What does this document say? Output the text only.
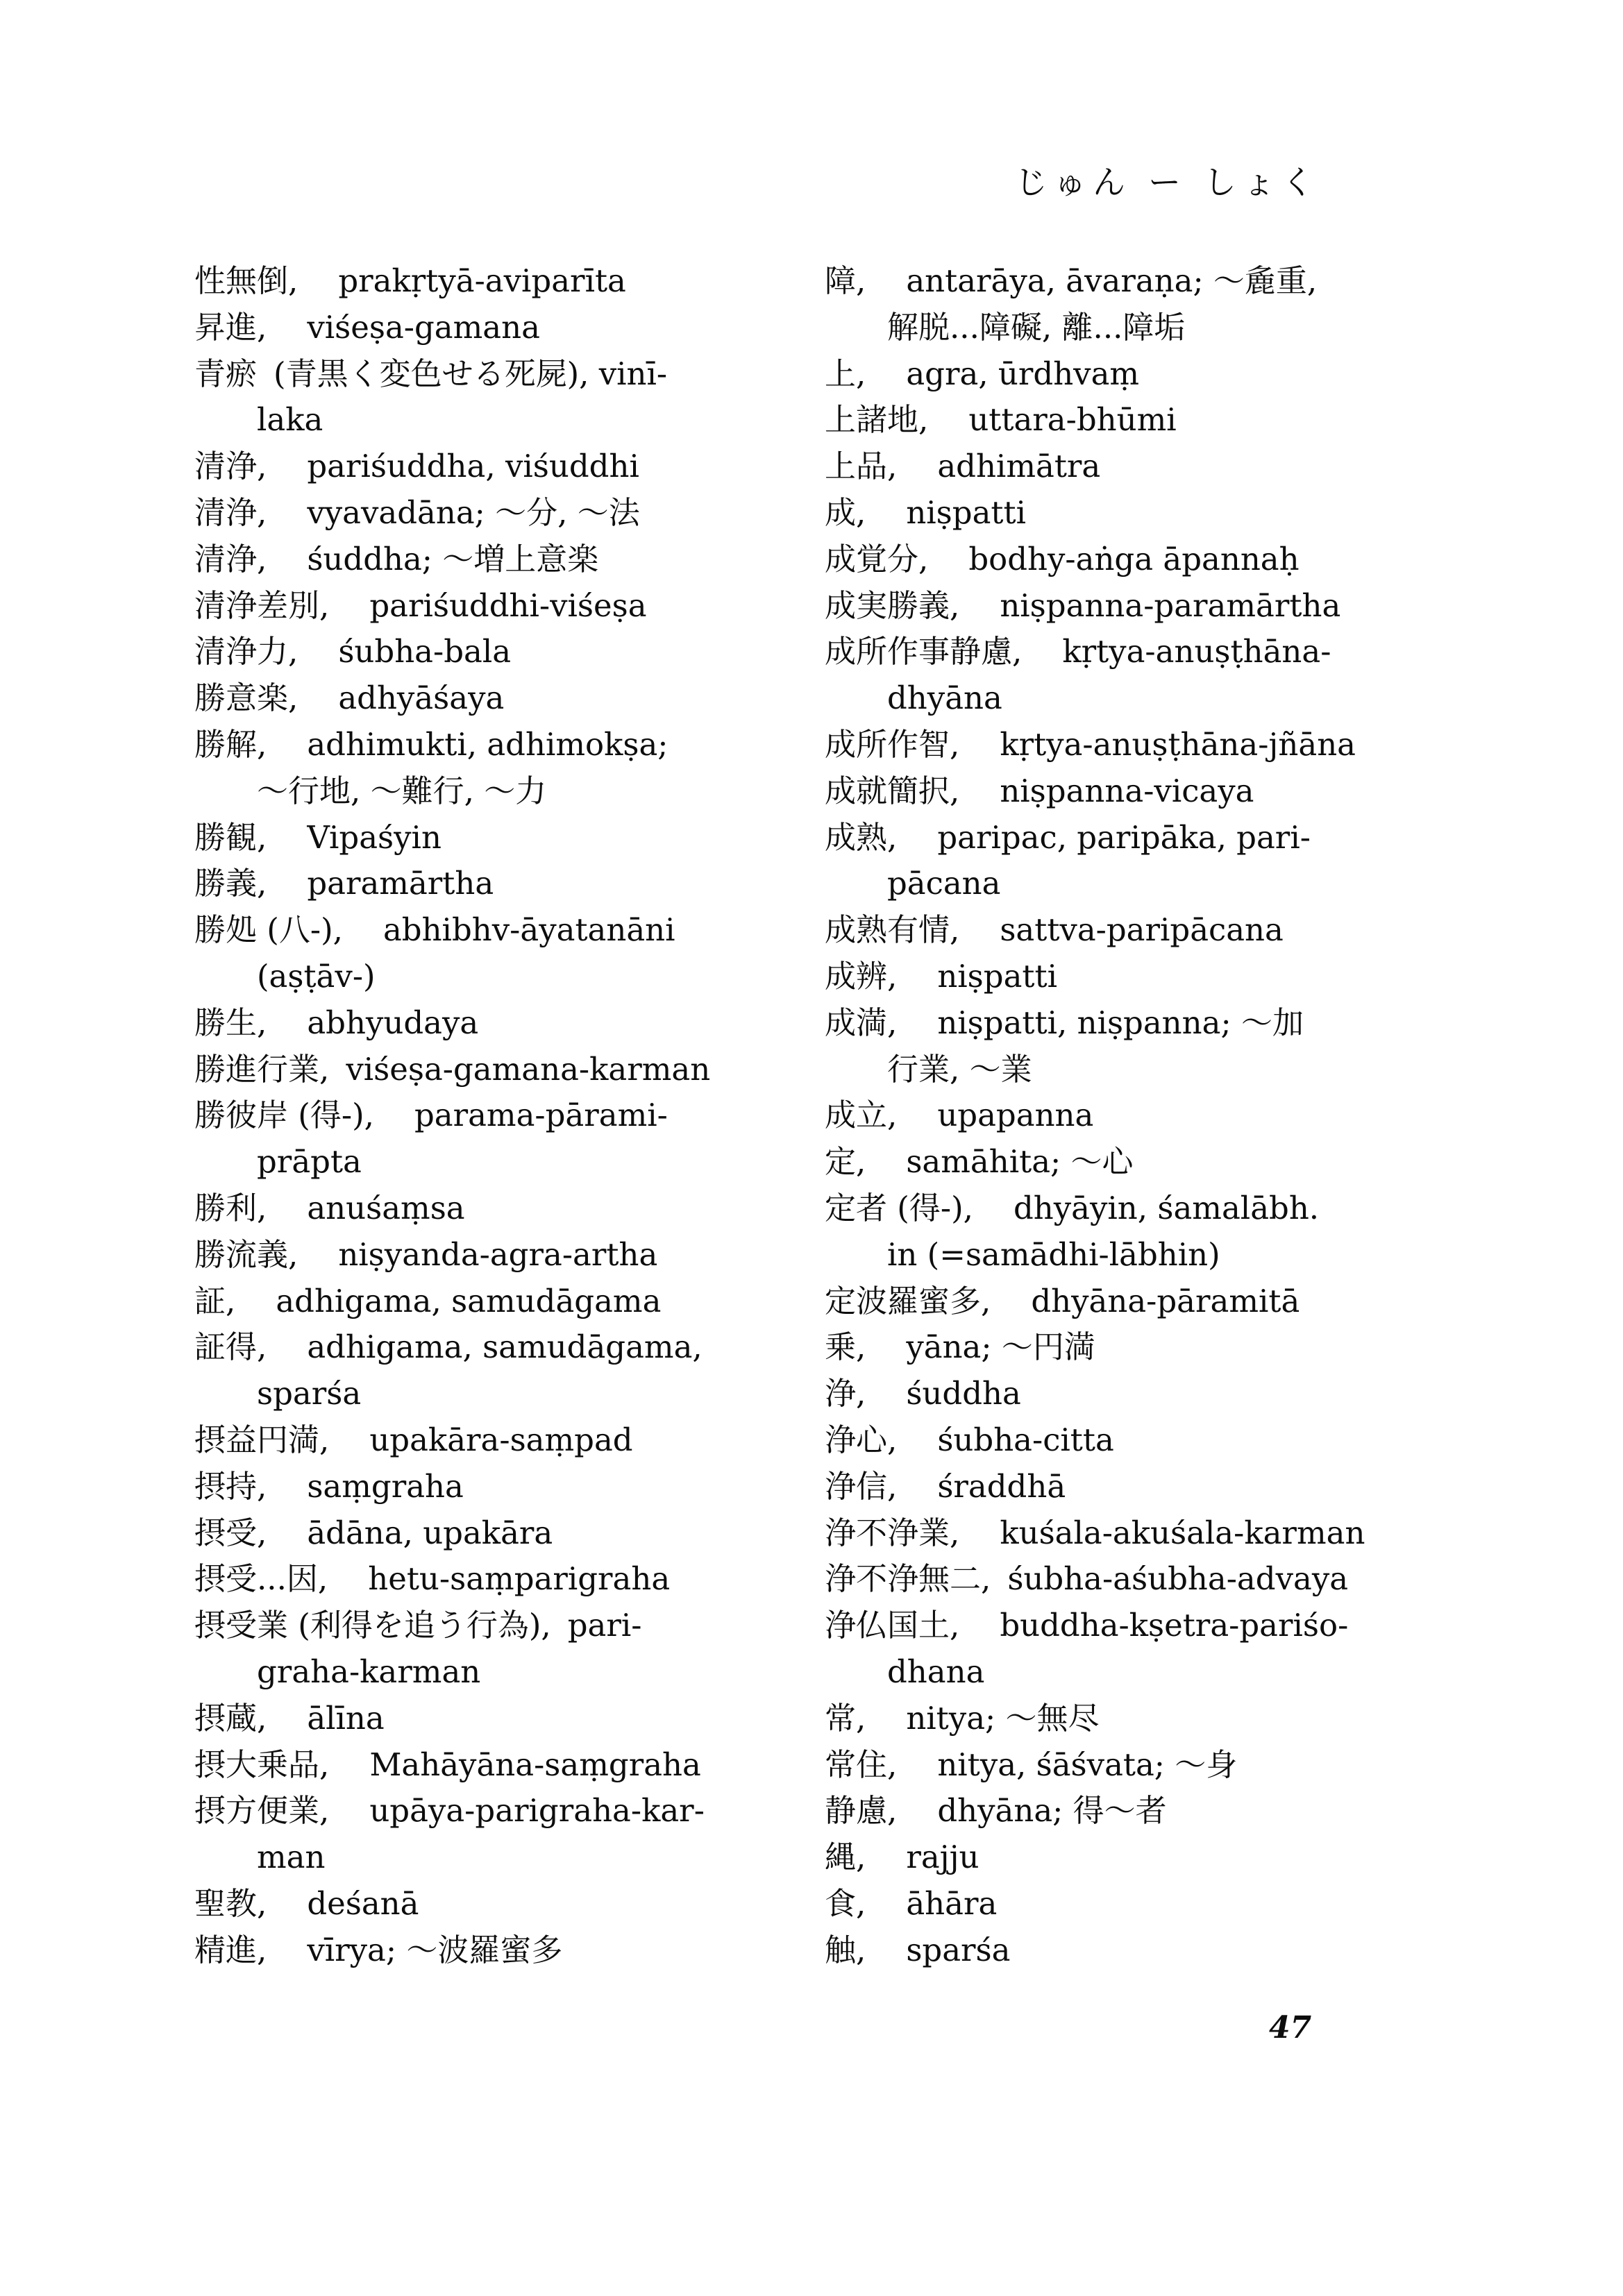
じゅん ー しょく
性無倒, prakṛtyā-aviparīta
昇進, viśeṣa-gamana
青瘀 (青黒く変色せる死屍), vinī-
laka
清浄, pariśuddha, viśuddhi
清浄, vyavadāna; ～分, ～法
清浄, śuddha; ～増上意楽
清浄差別, pariśuddhi-viśeṣa
清浄力, śubha-bala
勝意楽, adhyāśaya
勝解, adhimukti, adhimokṣa;
～行地, ～難行, ～力
勝観, Vipaśyin
勝義, paramārtha
勝処 (八-), abhibhv-āyatanāni
(aṣṭāv-)
勝生, abhyudaya
勝進行業, viśeṣa-gamana-karman
勝彼岸 (得-), parama-pārami-
prāpta
勝利, anuśaṃsa
勝流義, niṣyanda-agra-artha
証, adhigama, samudāgama
証得, adhigama, samudāgama,
sparśa
摂益円満, upakāra-saṃpad
摂持, saṃgraha
摂受, ādāna, upakāra
摂受...因, hetu-saṃparigraha
摂受業 (利得を追う行為), pari-
graha-karman
摂蔵, ālīna
摂大乗品, Mahāyāna-saṃgraha
摂方便業, upāya-parigraha-kar-
man
聖教, deśanā
精進, vīrya; ～波羅蜜多
障, antarāya, āvaraṇa; ～麁重,
解脱...障礙, 離...障垢
上, agra, ūrdhvaṃ
上諸地, uttara-bhūmi
上品, adhimātra
成, niṣpatti
成覚分, bodhy-aṅga āpannaḥ
成実勝義, niṣpanna-paramārtha
成所作事静慮, kṛtya-anuṣṭhāna-
dhyāna
成所作智, kṛtya-anuṣṭhāna-jñāna
成就簡択, niṣpanna-vicaya
成熟, paripac, paripāka, pari-
pācana
成熟有情, sattva-paripācana
成辨, niṣpatti
成満, niṣpatti, niṣpanna; ～加
行業, ～業
成立, upapanna
定, samāhita; ～心
定者 (得-), dhyāyin, śamalābh.
in (=samādhi-lābhin)
定波羅蜜多, dhyāna-pāramitā
乗, yāna; ～円満
浄, śuddha
浄心, śubha-citta
浄信, śraddhā
浄不浄業, kuśala-akuśala-karman
浄不浄無二, śubha-aśubha-advaya
浄仏国土, buddha-kṣetra-pariśo-
dhana
常, nitya; ～無尽
常住, nitya, śāśvata; ～身
静慮, dhyāna; 得～者
縄, rajju
食, āhāra
触, sparśa
47
